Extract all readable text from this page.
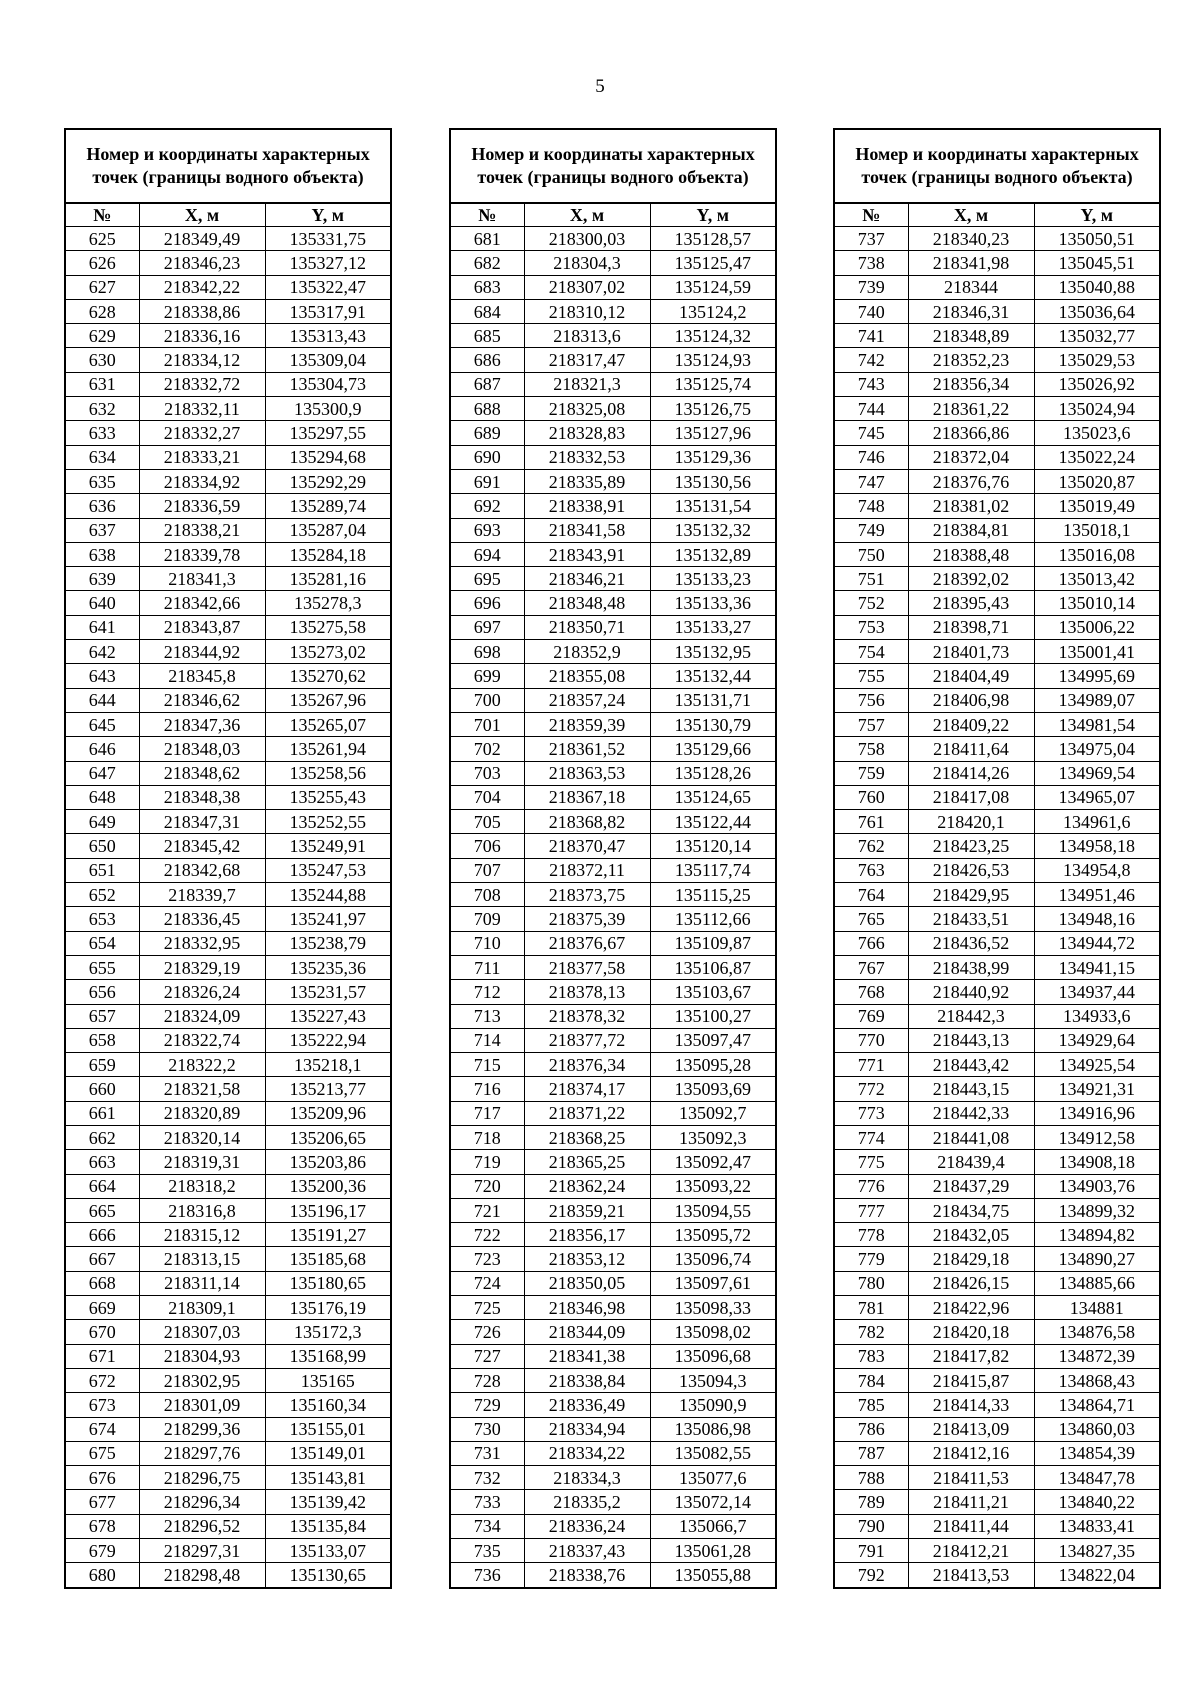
5
Номер и координаты характерных точек (границы водного объекта)		
№	X, м	Y, м
625	218349,49	135331,75
626	218346,23	135327,12
627	218342,22	135322,47
628	218338,86	135317,91
629	218336,16	135313,43
630	218334,12	135309,04
631	218332,72	135304,73
632	218332,11	135300,9
633	218332,27	135297,55
634	218333,21	135294,68
635	218334,92	135292,29
636	218336,59	135289,74
637	218338,21	135287,04
638	218339,78	135284,18
639	218341,3	135281,16
640	218342,66	135278,3
641	218343,87	135275,58
642	218344,92	135273,02
643	218345,8	135270,62
644	218346,62	135267,96
645	218347,36	135265,07
646	218348,03	135261,94
647	218348,62	135258,56
648	218348,38	135255,43
649	218347,31	135252,55
650	218345,42	135249,91
651	218342,68	135247,53
652	218339,7	135244,88
653	218336,45	135241,97
654	218332,95	135238,79
655	218329,19	135235,36
656	218326,24	135231,57
657	218324,09	135227,43
658	218322,74	135222,94
659	218322,2	135218,1
660	218321,58	135213,77
661	218320,89	135209,96
662	218320,14	135206,65
663	218319,31	135203,86
664	218318,2	135200,36
665	218316,8	135196,17
666	218315,12	135191,27
667	218313,15	135185,68
668	218311,14	135180,65
669	218309,1	135176,19
670	218307,03	135172,3
671	218304,93	135168,99
672	218302,95	135165
673	218301,09	135160,34
674	218299,36	135155,01
675	218297,76	135149,01
676	218296,75	135143,81
677	218296,34	135139,42
678	218296,52	135135,84
679	218297,31	135133,07
680	218298,48	135130,65
Номер и координаты характерных точек (границы водного объекта)		
№	X, м	Y, м
681	218300,03	135128,57
682	218304,3	135125,47
683	218307,02	135124,59
684	218310,12	135124,2
685	218313,6	135124,32
686	218317,47	135124,93
687	218321,3	135125,74
688	218325,08	135126,75
689	218328,83	135127,96
690	218332,53	135129,36
691	218335,89	135130,56
692	218338,91	135131,54
693	218341,58	135132,32
694	218343,91	135132,89
695	218346,21	135133,23
696	218348,48	135133,36
697	218350,71	135133,27
698	218352,9	135132,95
699	218355,08	135132,44
700	218357,24	135131,71
701	218359,39	135130,79
702	218361,52	135129,66
703	218363,53	135128,26
704	218367,18	135124,65
705	218368,82	135122,44
706	218370,47	135120,14
707	218372,11	135117,74
708	218373,75	135115,25
709	218375,39	135112,66
710	218376,67	135109,87
711	218377,58	135106,87
712	218378,13	135103,67
713	218378,32	135100,27
714	218377,72	135097,47
715	218376,34	135095,28
716	218374,17	135093,69
717	218371,22	135092,7
718	218368,25	135092,3
719	218365,25	135092,47
720	218362,24	135093,22
721	218359,21	135094,55
722	218356,17	135095,72
723	218353,12	135096,74
724	218350,05	135097,61
725	218346,98	135098,33
726	218344,09	135098,02
727	218341,38	135096,68
728	218338,84	135094,3
729	218336,49	135090,9
730	218334,94	135086,98
731	218334,22	135082,55
732	218334,3	135077,6
733	218335,2	135072,14
734	218336,24	135066,7
735	218337,43	135061,28
736	218338,76	135055,88
Номер и координаты характерных точек (границы водного объекта)		
№	X, м	Y, м
737	218340,23	135050,51
738	218341,98	135045,51
739	218344	135040,88
740	218346,31	135036,64
741	218348,89	135032,77
742	218352,23	135029,53
743	218356,34	135026,92
744	218361,22	135024,94
745	218366,86	135023,6
746	218372,04	135022,24
747	218376,76	135020,87
748	218381,02	135019,49
749	218384,81	135018,1
750	218388,48	135016,08
751	218392,02	135013,42
752	218395,43	135010,14
753	218398,71	135006,22
754	218401,73	135001,41
755	218404,49	134995,69
756	218406,98	134989,07
757	218409,22	134981,54
758	218411,64	134975,04
759	218414,26	134969,54
760	218417,08	134965,07
761	218420,1	134961,6
762	218423,25	134958,18
763	218426,53	134954,8
764	218429,95	134951,46
765	218433,51	134948,16
766	218436,52	134944,72
767	218438,99	134941,15
768	218440,92	134937,44
769	218442,3	134933,6
770	218443,13	134929,64
771	218443,42	134925,54
772	218443,15	134921,31
773	218442,33	134916,96
774	218441,08	134912,58
775	218439,4	134908,18
776	218437,29	134903,76
777	218434,75	134899,32
778	218432,05	134894,82
779	218429,18	134890,27
780	218426,15	134885,66
781	218422,96	134881
782	218420,18	134876,58
783	218417,82	134872,39
784	218415,87	134868,43
785	218414,33	134864,71
786	218413,09	134860,03
787	218412,16	134854,39
788	218411,53	134847,78
789	218411,21	134840,22
790	218411,44	134833,41
791	218412,21	134827,35
792	218413,53	134822,04
